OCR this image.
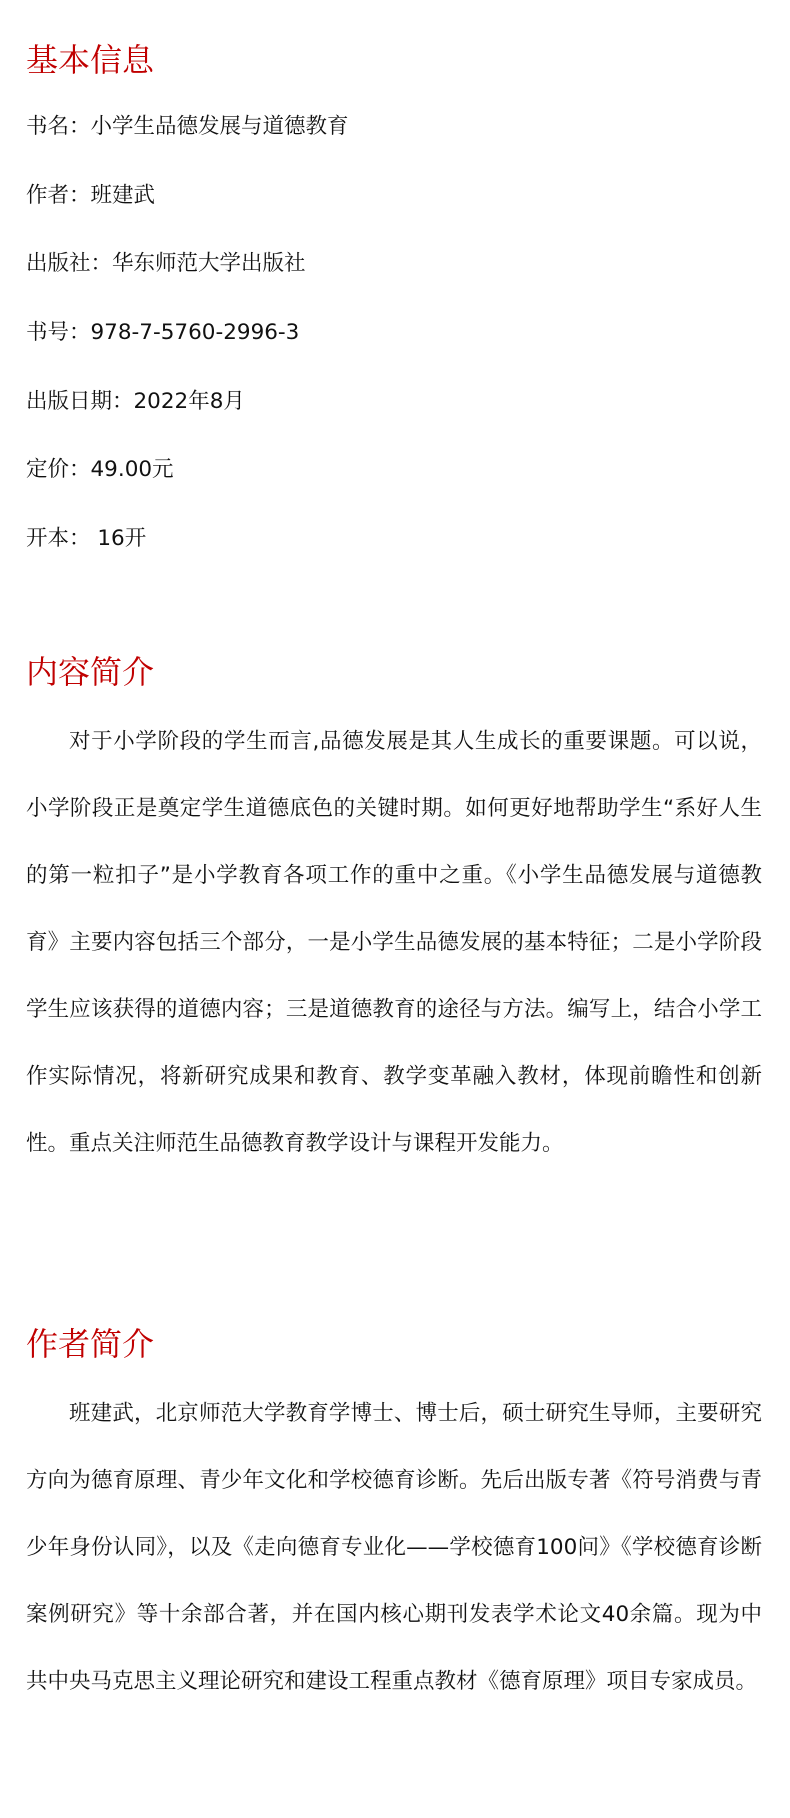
基本信息

书名：小学生品德发展与道德教育

作者：班建武

出版社：华东师范大学出版社

书号：978-7-5760-2996-3

出版日期：2022年8月

定价：49.00元

开本： 16开

内容简介

对于小学阶段的学生而言,品德发展是其人生成长的重要课题。可以说，小学阶段正是奠定学生道德底色的关键时期。如何更好地帮助学生“系好人生的第一粒扣子”是小学教育各项工作的重中之重。《小学生品德发展与道德教育》主要内容包括三个部分，一是小学生品德发展的基本特征；二是小学阶段学生应该获得的道德内容；三是道德教育的途径与方法。编写上，结合小学工作实际情况，将新研究成果和教育、教学变革融入教材，体现前瞻性和创新性。重点关注师范生品德教育教学设计与课程开发能力。

作者简介

班建武，北京师范大学教育学博士、博士后，硕士研究生导师，主要研究方向为德育原理、青少年文化和学校德育诊断。先后出版专著《符号消费与青少年身份认同》，以及《走向德育专业化——学校德育100问》《学校德育诊断案例研究》等十余部合著，并在国内核心期刊发表学术论文40余篇。现为中共中央马克思主义理论研究和建设工程重点教材《德育原理》项目专家成员。
